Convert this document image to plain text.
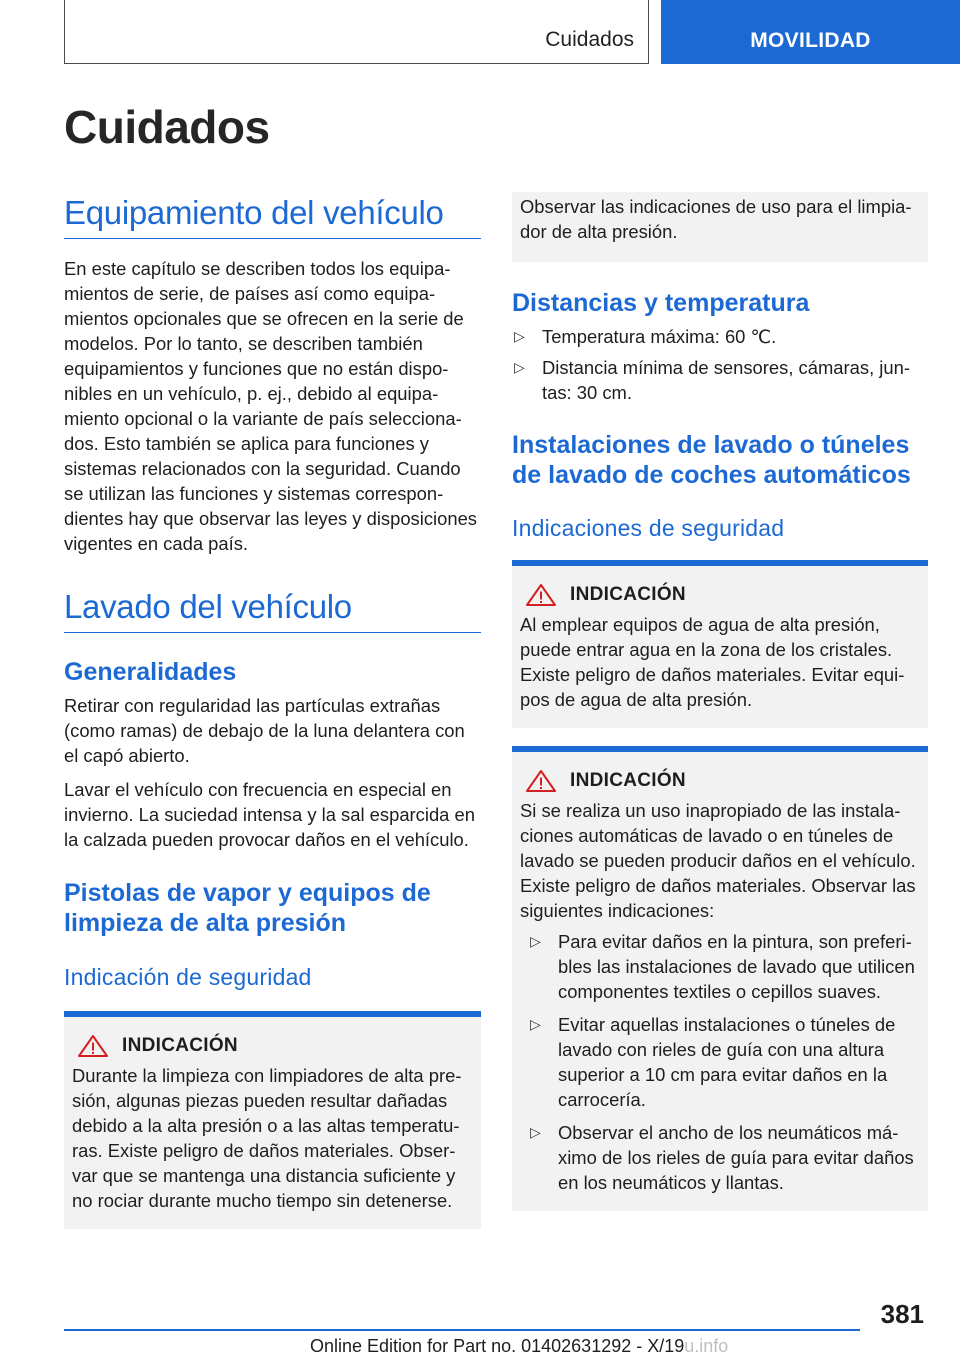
Cuidados	MOVILIDAD
Cuidados
Equipamiento del vehículo

En este capítulo se describen todos los equipamientos de serie, de países así como equipamientos opcionales que se ofrecen en la serie de modelos. Por lo tanto, se describen también equipamientos y funciones que no están disponibles en un vehículo, p. ej., debido al equipamiento opcional o la variante de país seleccionados. Esto también se aplica para funciones y sistemas relacionados con la seguridad. Cuando se utilizan las funciones y sistemas correspondientes hay que observar las leyes y disposiciones vigentes en cada país.

Lavado del vehículo
Generalidades

Retirar con regularidad las partículas extrañas (como ramas) de debajo de la luna delantera con el capó abierto.

Lavar el vehículo con frecuencia en especial en invierno. La suciedad intensa y la sal esparcida en la calzada pueden provocar daños en el vehículo.

Pistolas de vapor y equipos de limpieza de alta presión
Indicación de seguridad
INDICACIÓN

Durante la limpieza con limpiadores de alta presión, algunas piezas pueden resultar dañadas debido a la alta presión o a las altas temperaturas. Existe peligro de daños materiales. Observar que se mantenga una distancia suficiente y no rociar durante mucho tiempo sin detenerse.

Observar las indicaciones de uso para el limpiador de alta presión.

Distancias y temperatura
▷ Temperatura máxima: 60 ℃.
▷ Distancia mínima de sensores, cámaras, juntas: 30 cm.
Instalaciones de lavado o túneles de lavado de coches automáticos
Indicaciones de seguridad
INDICACIÓN

Al emplear equipos de agua de alta presión, puede entrar agua en la zona de los cristales. Existe peligro de daños materiales. Evitar equipos de agua de alta presión.

INDICACIÓN

Si se realiza un uso inapropiado de las instalaciones automáticas de lavado o en túneles de lavado se pueden producir daños en el vehículo. Existe peligro de daños materiales. Observar las siguientes indicaciones:

▷ Para evitar daños en la pintura, son preferibles las instalaciones de lavado que utilicen componentes textiles o cepillos suaves.
▷ Evitar aquellas instalaciones o túneles de lavado con rieles de guía con una altura superior a 10 cm para evitar daños en la carrocería.
▷ Observar el ancho de los neumáticos máximo de los rieles de guía para evitar daños en los neumáticos y llantas.
381
Online Edition for Part no. 01402631292 - X/19u.info
